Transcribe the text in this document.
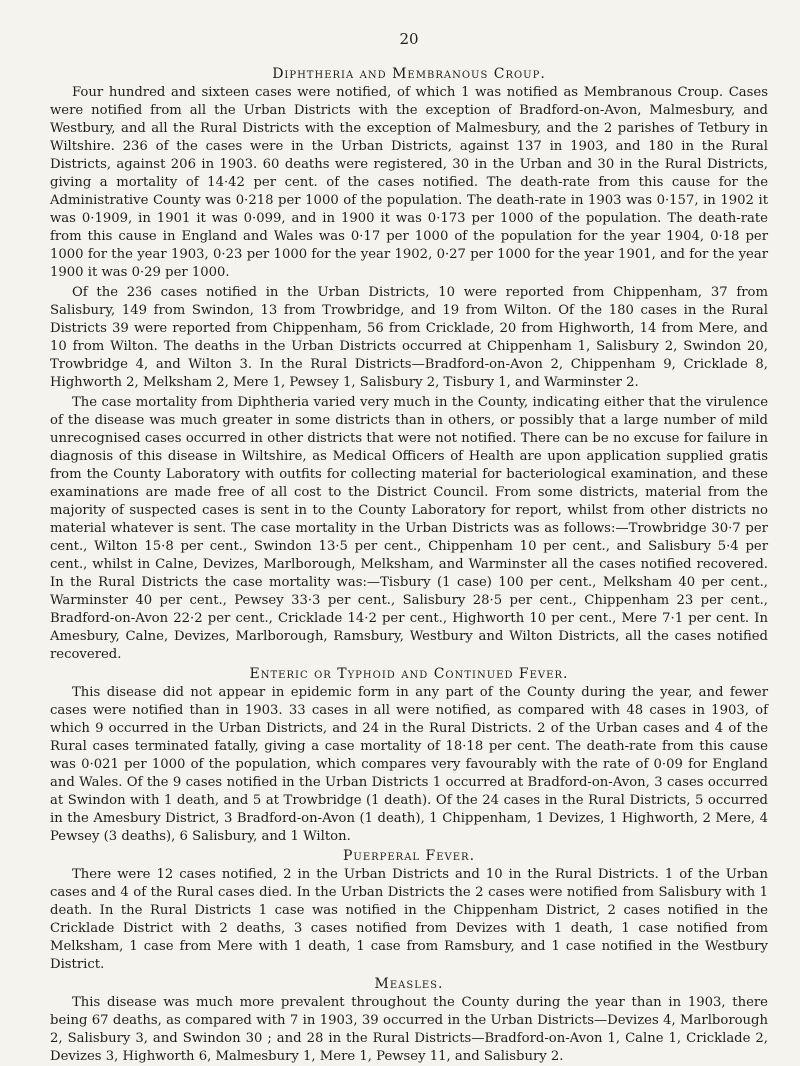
20
Diphtheria and Membranous Croup.

Four hundred and sixteen cases were notified, of which 1 was notified as Membranous Croup. Cases were notified from all the Urban Districts with the exception of Bradford-on-Avon, Malmesbury, and Westbury, and all the Rural Districts with the exception of Malmesbury, and the 2 parishes of Tetbury in Wiltshire. 236 of the cases were in the Urban Districts, against 137 in 1903, and 180 in the Rural Districts, against 206 in 1903. 60 deaths were registered, 30 in the Urban and 30 in the Rural Districts, giving a mortality of 14·42 per cent. of the cases notified. The death-rate from this cause for the Administrative County was 0·218 per 1000 of the population. The death-rate in 1903 was 0·157, in 1902 it was 0·1909, in 1901 it was 0·099, and in 1900 it was 0·173 per 1000 of the population. The death-rate from this cause in England and Wales was 0·17 per 1000 of the population for the year 1904, 0·18 per 1000 for the year 1903, 0·23 per 1000 for the year 1902, 0·27 per 1000 for the year 1901, and for the year 1900 it was 0·29 per 1000.

Of the 236 cases notified in the Urban Districts, 10 were reported from Chippenham, 37 from Salisbury, 149 from Swindon, 13 from Trowbridge, and 19 from Wilton. Of the 180 cases in the Rural Districts 39 were reported from Chippenham, 56 from Cricklade, 20 from Highworth, 14 from Mere, and 10 from Wilton. The deaths in the Urban Districts occurred at Chippenham 1, Salisbury 2, Swindon 20, Trowbridge 4, and Wilton 3. In the Rural Districts—Bradford-on-Avon 2, Chippenham 9, Cricklade 8, Highworth 2, Melksham 2, Mere 1, Pewsey 1, Salisbury 2, Tisbury 1, and Warminster 2.

The case mortality from Diphtheria varied very much in the County, indicating either that the virulence of the disease was much greater in some districts than in others, or possibly that a large number of mild unrecognised cases occurred in other districts that were not notified. There can be no excuse for failure in diagnosis of this disease in Wiltshire, as Medical Officers of Health are upon application supplied gratis from the County Laboratory with outfits for collecting material for bacteriological examination, and these examinations are made free of all cost to the District Council. From some districts, material from the majority of suspected cases is sent in to the County Laboratory for report, whilst from other districts no material whatever is sent. The case mortality in the Urban Districts was as follows:—Trowbridge 30·7 per cent., Wilton 15·8 per cent., Swindon 13·5 per cent., Chippenham 10 per cent., and Salisbury 5·4 per cent., whilst in Calne, Devizes, Marlborough, Melksham, and Warminster all the cases notified recovered. In the Rural Districts the case mortality was:—Tisbury (1 case) 100 per cent., Melksham 40 per cent., Warminster 40 per cent., Pewsey 33·3 per cent., Salisbury 28·5 per cent., Chippenham 23 per cent., Bradford-on-Avon 22·2 per cent., Cricklade 14·2 per cent., Highworth 10 per cent., Mere 7·1 per cent. In Amesbury, Calne, Devizes, Marlborough, Ramsbury, Westbury and Wilton Districts, all the cases notified recovered.

Enteric or Typhoid and Continued Fever.

This disease did not appear in epidemic form in any part of the County during the year, and fewer cases were notified than in 1903. 33 cases in all were notified, as compared with 48 cases in 1903, of which 9 occurred in the Urban Districts, and 24 in the Rural Districts. 2 of the Urban cases and 4 of the Rural cases terminated fatally, giving a case mortality of 18·18 per cent. The death-rate from this cause was 0·021 per 1000 of the population, which compares very favourably with the rate of 0·09 for England and Wales. Of the 9 cases notified in the Urban Districts 1 occurred at Bradford-on-Avon, 3 cases occurred at Swindon with 1 death, and 5 at Trowbridge (1 death). Of the 24 cases in the Rural Districts, 5 occurred in the Amesbury District, 3 Bradford-on-Avon (1 death), 1 Chippenham, 1 Devizes, 1 Highworth, 2 Mere, 4 Pewsey (3 deaths), 6 Salisbury, and 1 Wilton.

Puerperal Fever.

There were 12 cases notified, 2 in the Urban Districts and 10 in the Rural Districts. 1 of the Urban cases and 4 of the Rural cases died. In the Urban Districts the 2 cases were notified from Salisbury with 1 death. In the Rural Districts 1 case was notified in the Chippenham District, 2 cases notified in the Cricklade District with 2 deaths, 3 cases notified from Devizes with 1 death, 1 case notified from Melksham, 1 case from Mere with 1 death, 1 case from Ramsbury, and 1 case notified in the Westbury District.

Measles.

This disease was much more prevalent throughout the County during the year than in 1903, there being 67 deaths, as compared with 7 in 1903, 39 occurred in the Urban Districts—Devizes 4, Marlborough 2, Salisbury 3, and Swindon 30 ; and 28 in the Rural Districts—Bradford-on-Avon 1, Calne 1, Cricklade 2, Devizes 3, Highworth 6, Malmesbury 1, Mere 1, Pewsey 11, and Salisbury 2.
